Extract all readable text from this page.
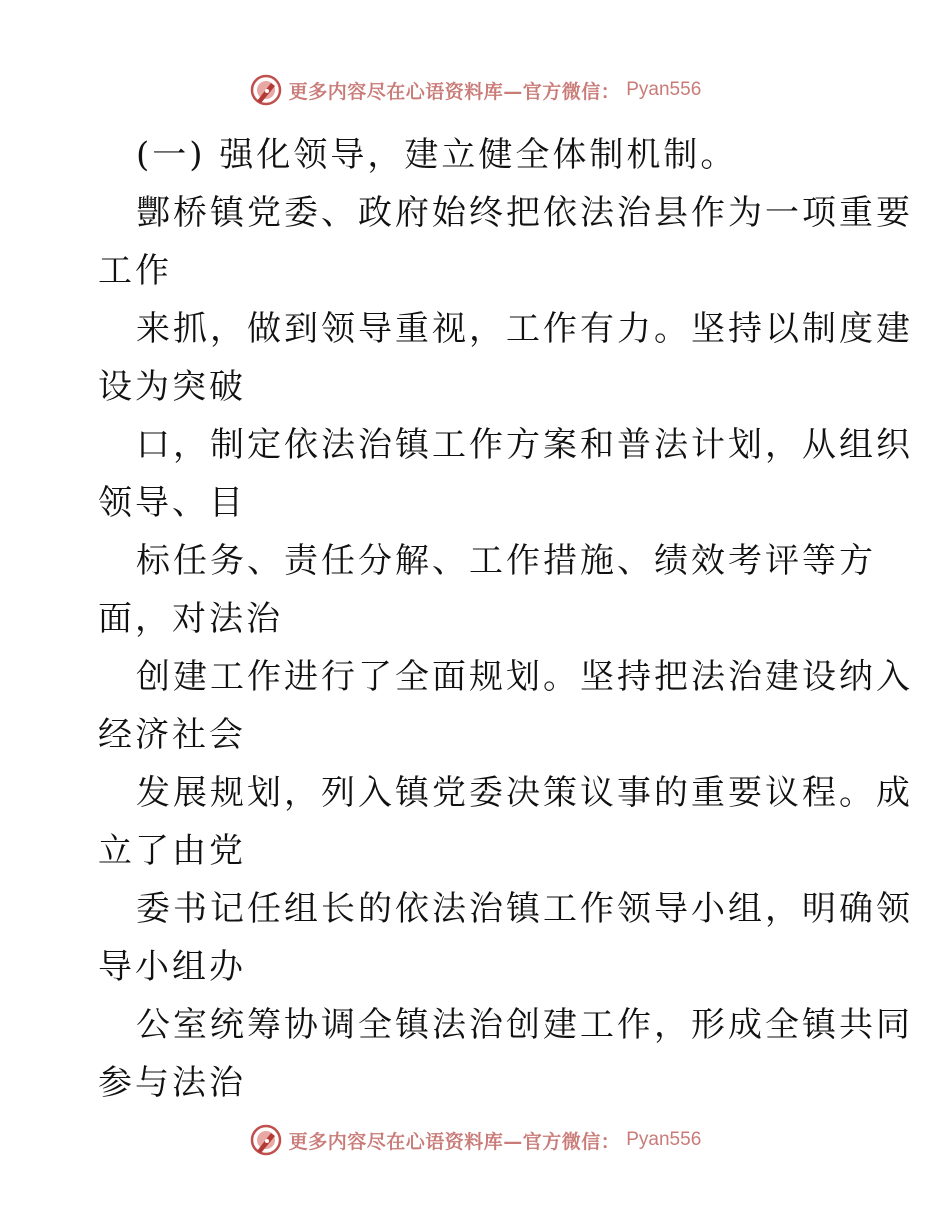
更多内容尽在心语资料库—官方微信： Pyan556
(一) 强化领导，建立健全体制机制。
酆桥镇党委、政府始终把依法治县作为一项重要
工作
来抓，做到领导重视，工作有力。坚持以制度建
设为突破
口，制定依法治镇工作方案和普法计划，从组织
领导、目
标任务、责任分解、工作措施、绩效考评等方
面，对法治
创建工作进行了全面规划。坚持把法治建设纳入
经济社会
发展规划，列入镇党委决策议事的重要议程。成
立了由党
委书记任组长的依法治镇工作领导小组，明确领
导小组办
公室统筹协调全镇法治创建工作，形成全镇共同
参与法治
更多内容尽在心语资料库—官方微信： Pyan556
